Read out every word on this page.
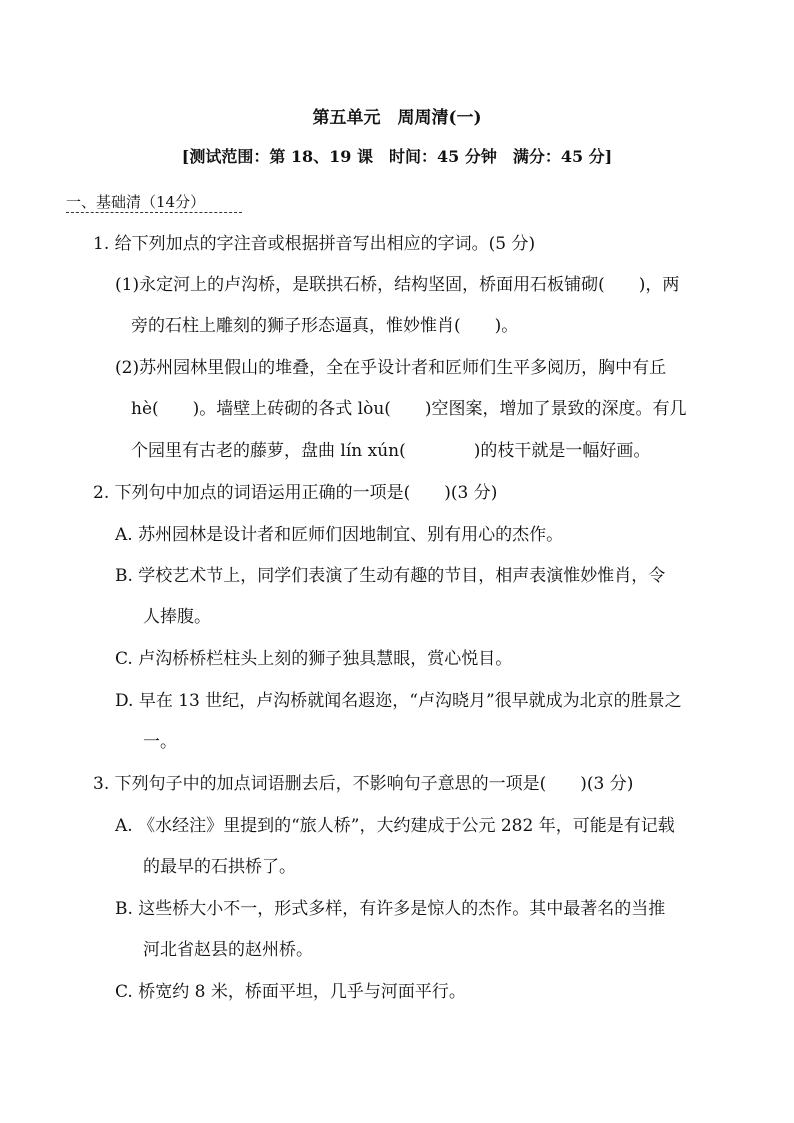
第五单元　周周清(一)
[测试范围：第 18、19 课　时间：45 分钟　满分：45 分]
一、基础清（14分）
1. 给下列加点的字注音或根据拼音写出相应的字词。(5 分)
(1)永定河上的卢沟桥，是联拱石桥，结构坚固，桥面用石板铺砌(　　)，两
旁的石柱上雕刻的狮子形态逼真，惟妙惟肖(　　)。
(2)苏州园林里假山的堆叠，全在乎设计者和匠师们生平多阅历，胸中有丘
hè(　　)。墙壁上砖砌的各式 lòu(　　)空图案，增加了景致的深度。有几
个园里有古老的藤萝，盘曲 lín xún(　　　　)的枝干就是一幅好画。
2. 下列句中加点的词语运用正确的一项是(　　)(3 分)
A. 苏州园林是设计者和匠师们因地制宜、别有用心的杰作。
B. 学校艺术节上，同学们表演了生动有趣的节目，相声表演惟妙惟肖，令
人捧腹。
C. 卢沟桥桥栏柱头上刻的狮子独具慧眼，赏心悦目。
D. 早在 13 世纪，卢沟桥就闻名遐迩，“卢沟晓月”很早就成为北京的胜景之
一。
3. 下列句子中的加点词语删去后，不影响句子意思的一项是(　　)(3 分)
A. 《水经注》里提到的“旅人桥”，大约建成于公元 282 年，可能是有记载
的最早的石拱桥了。
B. 这些桥大小不一，形式多样，有许多是惊人的杰作。其中最著名的当推
河北省赵县的赵州桥。
C. 桥宽约 8 米，桥面平坦，几乎与河面平行。
